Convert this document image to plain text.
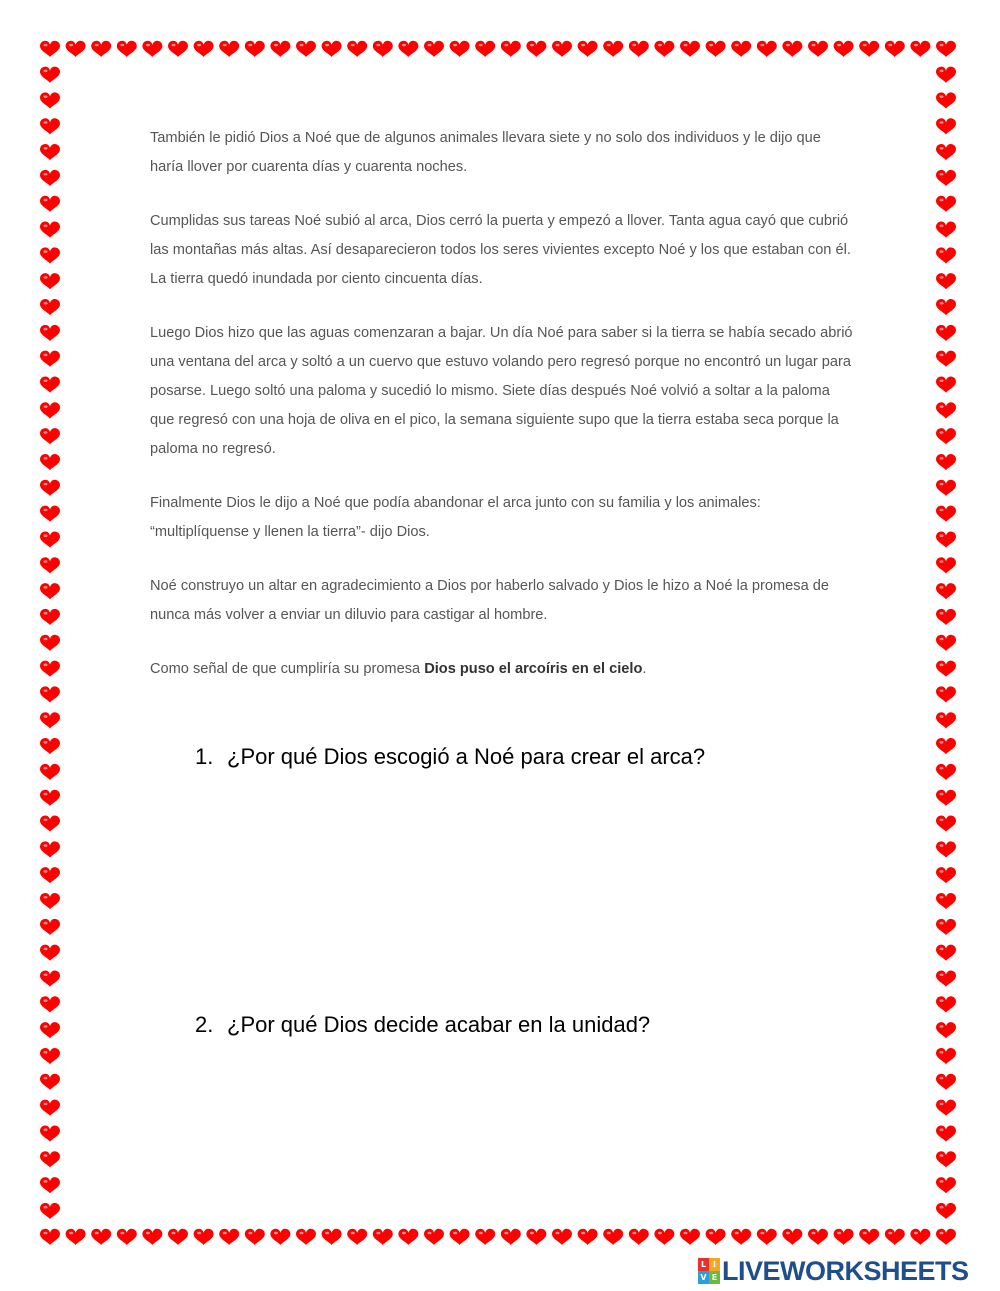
También le pidió Dios a Noé que de algunos animales llevara siete y no solo dos individuos y le dijo que haría llover por cuarenta días y cuarenta noches.

Cumplidas sus tareas Noé subió al arca, Dios cerró la puerta y empezó a llover. Tanta agua cayó que cubrió las montañas más altas. Así desaparecieron todos los seres vivientes excepto Noé y los que estaban con él. La tierra quedó inundada por ciento cincuenta días.

Luego Dios hizo que las aguas comenzaran a bajar. Un día Noé para saber si la tierra se había secado abrió una ventana del arca y soltó a un cuervo que estuvo volando pero regresó porque no encontró un lugar para posarse. Luego soltó una paloma y sucedió lo mismo. Siete días después Noé volvió a soltar a la paloma que regresó con una hoja de oliva en el pico, la semana siguiente supo que la tierra estaba seca porque la paloma no regresó.

Finalmente Dios le dijo a Noé que podía abandonar el arca junto con su familia y los animales: “multiplíquense y llenen la tierra”- dijo Dios.

Noé construyo un altar en agradecimiento a Dios por haberlo salvado y Dios le hizo a Noé la promesa de nunca más volver a enviar un diluvio para castigar al hombre.

Como señal de que cumpliría su promesa Dios puso el arcoíris en el cielo.

1. ¿Por qué Dios escogió a Noé para crear el arca?
2. ¿Por qué Dios decide acabar en la unidad?
L I
V E LIVEWORKSHEETS
